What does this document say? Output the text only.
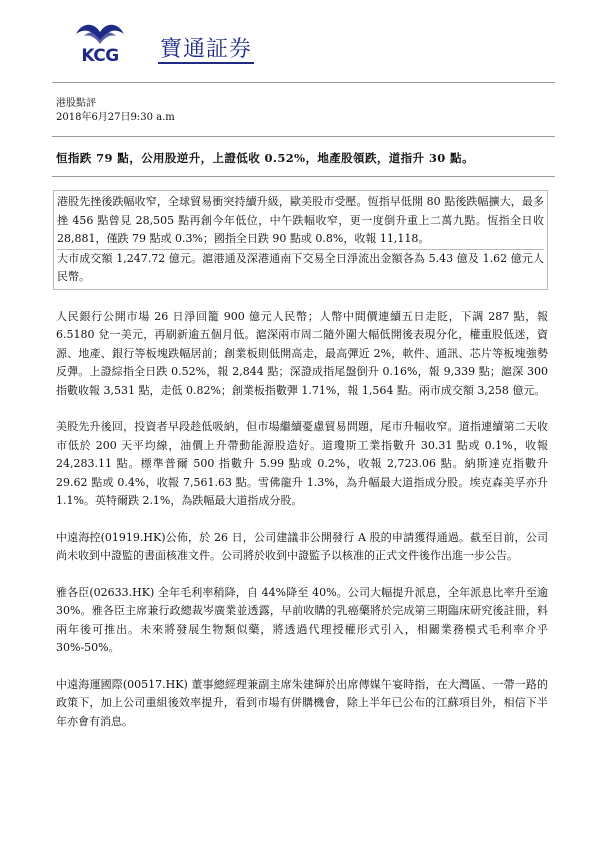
KCG	寶通証券
港股點評
2018年6月27日9:30 a.m
恒指跌 79 點，公用股逆升，上證低收 0.52%，地產股領跌，道指升 30 點。

港股先挫後跌幅收窄，全球貿易衝突持續升級，歐美股市受壓。恆指早低開 80 點後跌幅擴大，最多挫 456 點曾見 28,505 點再創今年低位，中午跌幅收窄，更一度倒升重上二萬九點。恆指全日收 28,881，僅跌 79 點或 0.3%；國指全日跌 90 點或 0.8%，收報 11,118。

大市成交額 1,247.72 億元。滬港通及深港通南下交易全日淨流出金額各為 5.43 億及 1.62 億元人民幣。

人民銀行公開市場 26 日淨回籠 900 億元人民幣；人幣中間價連續五日走貶，下調 287 點，報 6.5180 兌一美元，再刷新逾五個月低。滬深兩市周二隨外圍大幅低開後表現分化，權重股低迷，資源、地產、銀行等板塊跌幅居前；創業板則低開高走，最高彈近 2%，軟件、通訊、芯片等板塊強勢反彈。上證綜指全日跌 0.52%，報 2,844 點；深證成指尾盤倒升 0.16%，報 9,339 點；滬深 300 指數收報 3,531 點，走低 0.82%；創業板指數彈 1.71%，報 1,564 點。兩市成交額 3,258 億元。

美股先升後回，投資者早段趁低吸納，但市場繼續憂慮貿易問題，尾市升幅收窄。道指連續第二天收市低於 200 天平均線，油價上升帶動能源股造好。道瓊斯工業指數升 30.31 點或 0.1%，收報 24,283.11 點。標準普爾 500 指數升 5.99 點或 0.2%，收報 2,723.06 點。納斯達克指數升 29.62 點或 0.4%，收報 7,561.63 點。雪佛龍升 1.3%，為升幅最大道指成分股。埃克森美孚亦升 1.1%。英特爾跌 2.1%，為跌幅最大道指成分股。

中遠海控(01919.HK)公佈，於 26 日，公司建議非公開發行 A 股的申請獲得通過。截至目前，公司尚未收到中證監的書面核准文件。公司將於收到中證監予以核准的正式文件後作出進一步公告。

雅各臣(02633.HK) 全年毛利率稍降，自 44%降至 40%。公司大幅提升派息，全年派息比率升至逾 30%。雅各臣主席兼行政總裁岑廣業並透露，早前收購的乳癌藥將於完成第三期臨床研究後註冊，料兩年後可推出。未來將發展生物類似藥，將透過代理授權形式引入，相關業務模式毛利率介乎 30%-50%。

中遠海運國際(00517.HK) 董事總經理兼副主席朱建輝於出席傳媒午宴時指，在大灣區、一帶一路的政策下，加上公司重組後效率提升，看到市場有併購機會，除上半年已公布的江蘇項目外，相信下半年亦會有消息。
